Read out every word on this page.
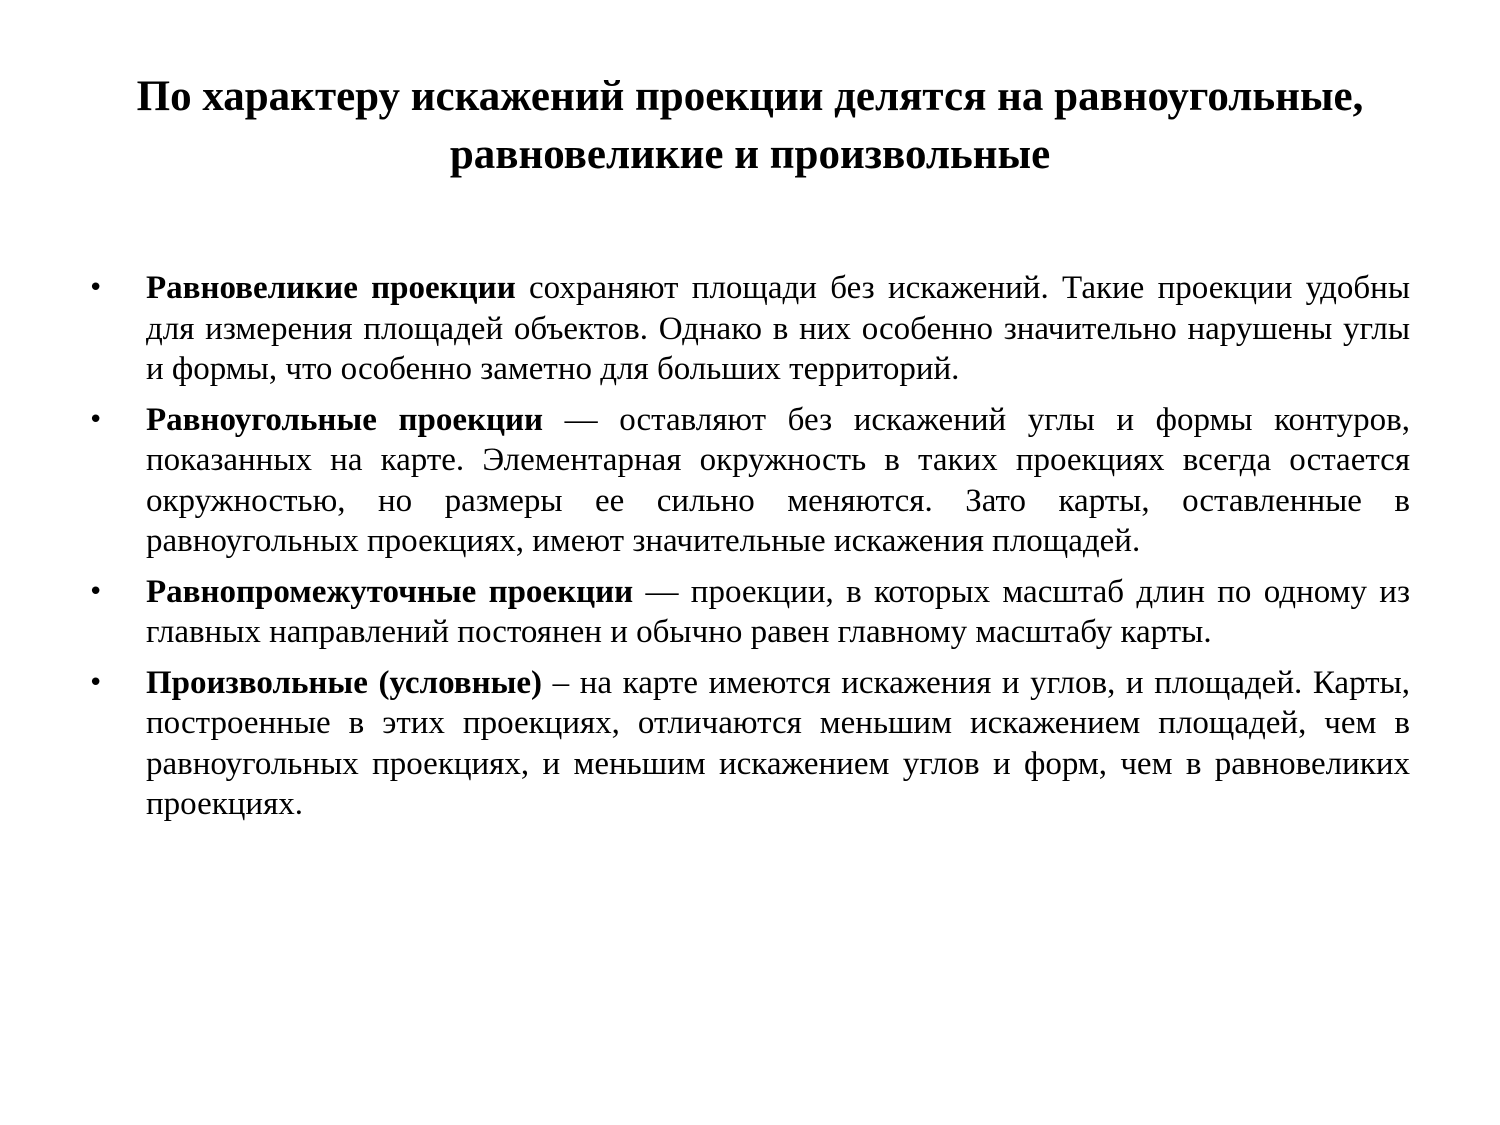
По характеру искажений проекции делятся на равноугольные, равновеликие и произвольные
• Равновеликие проекции сохраняют площади без искажений. Такие проекции удобны для измерения площадей объектов. Однако в них особенно значительно нарушены углы и формы, что особенно заметно для больших территорий.
• Равноугольные проекции — оставляют без искажений углы и формы контуров, показанных на карте. Элементарная окружность в таких проекциях всегда остается окружностью, но размеры ее сильно меняются. Зато карты, оставленные в равноугольных проекциях, имеют значительные искажения площадей.
• Равнопромежуточные проекции — проекции, в которых масштаб длин по одному из главных направлений постоянен и обычно равен главному масштабу карты.
• Произвольные (условные) – на карте имеются искажения и углов, и площадей. Карты, построенные в этих проекциях, отличаются меньшим искажением площадей, чем в равноугольных проекциях, и меньшим искажением углов и форм, чем в равновеликих проекциях.
